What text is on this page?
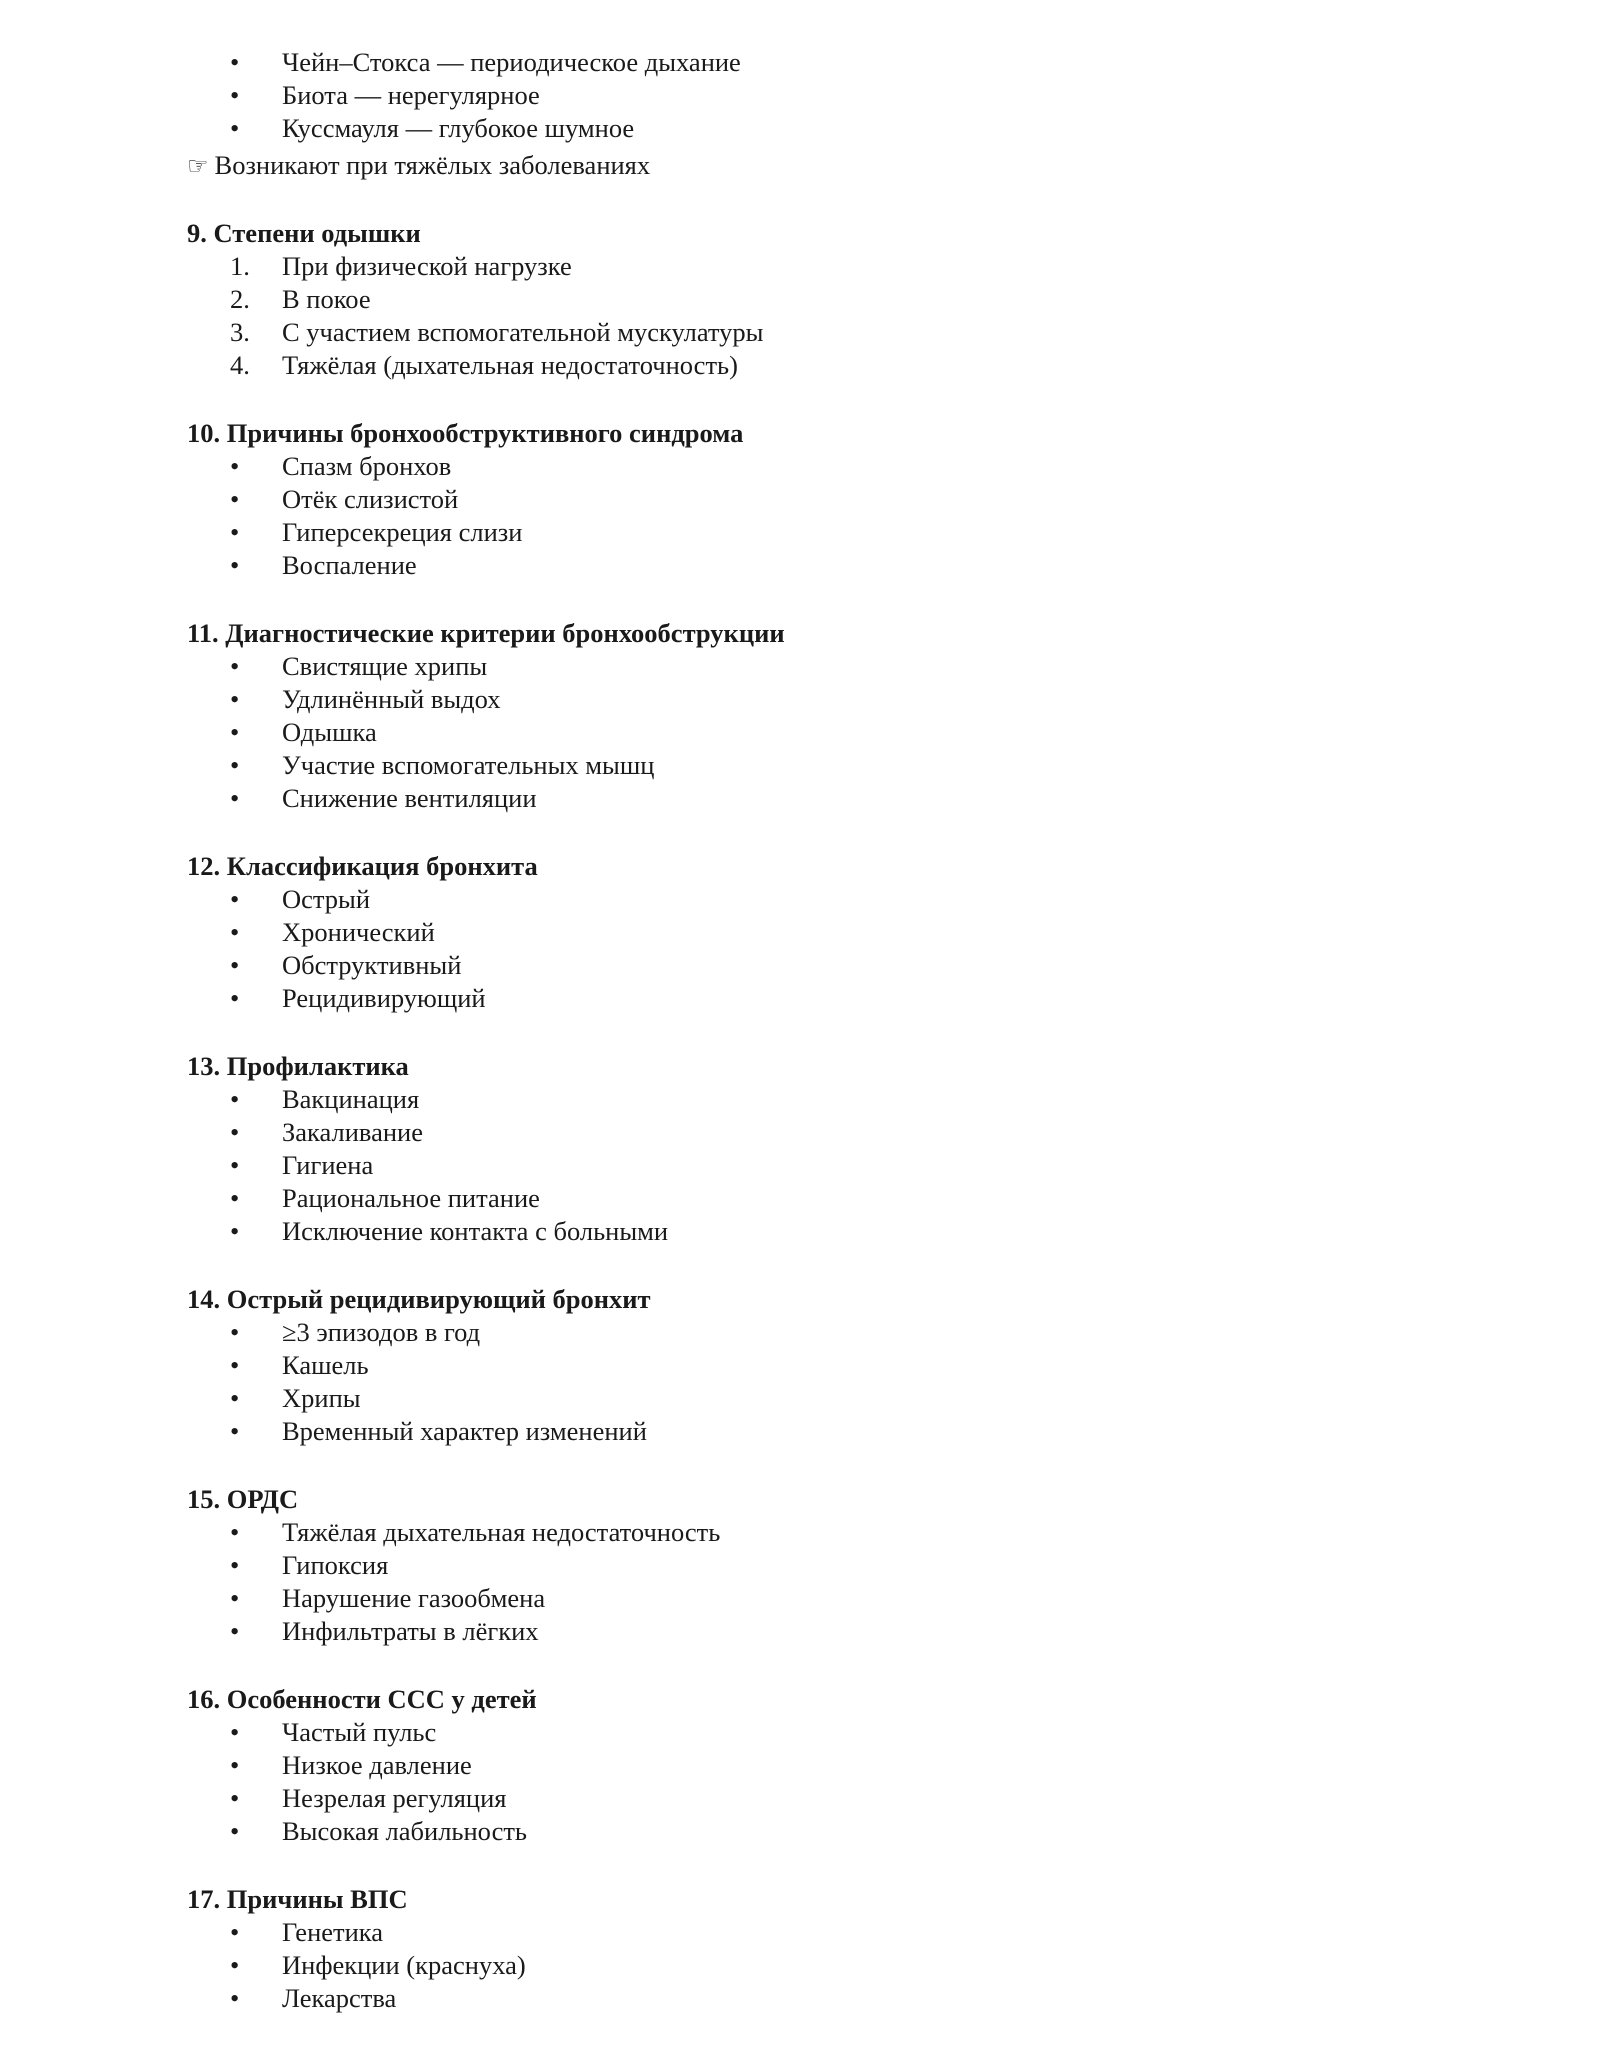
•	Чейн–Стокса — периодическое дыхание
•	Биота — нерегулярное
•	Куссмауля — глубокое шумное
☞ Возникают при тяжёлых заболеваниях
9. Степени одышки
1.	При физической нагрузке
2.	В покое
3.	С участием вспомогательной мускулатуры
4.	Тяжёлая (дыхательная недостаточность)
10. Причины бронхообструктивного синдрома
•	Спазм бронхов
•	Отёк слизистой
•	Гиперсекреция слизи
•	Воспаление
11. Диагностические критерии бронхообструкции
•	Свистящие хрипы
•	Удлинённый выдох
•	Одышка
•	Участие вспомогательных мышц
•	Снижение вентиляции
12. Классификация бронхита
•	Острый
•	Хронический
•	Обструктивный
•	Рецидивирующий
13. Профилактика
•	Вакцинация
•	Закаливание
•	Гигиена
•	Рациональное питание
•	Исключение контакта с больными
14. Острый рецидивирующий бронхит
•	≥3 эпизодов в год
•	Кашель
•	Хрипы
•	Временный характер изменений
15. ОРДС
•	Тяжёлая дыхательная недостаточность
•	Гипоксия
•	Нарушение газообмена
•	Инфильтраты в лёгких
16. Особенности ССС у детей
•	Частый пульс
•	Низкое давление
•	Незрелая регуляция
•	Высокая лабильность
17. Причины ВПС
•	Генетика
•	Инфекции (краснуха)
•	Лекарства
